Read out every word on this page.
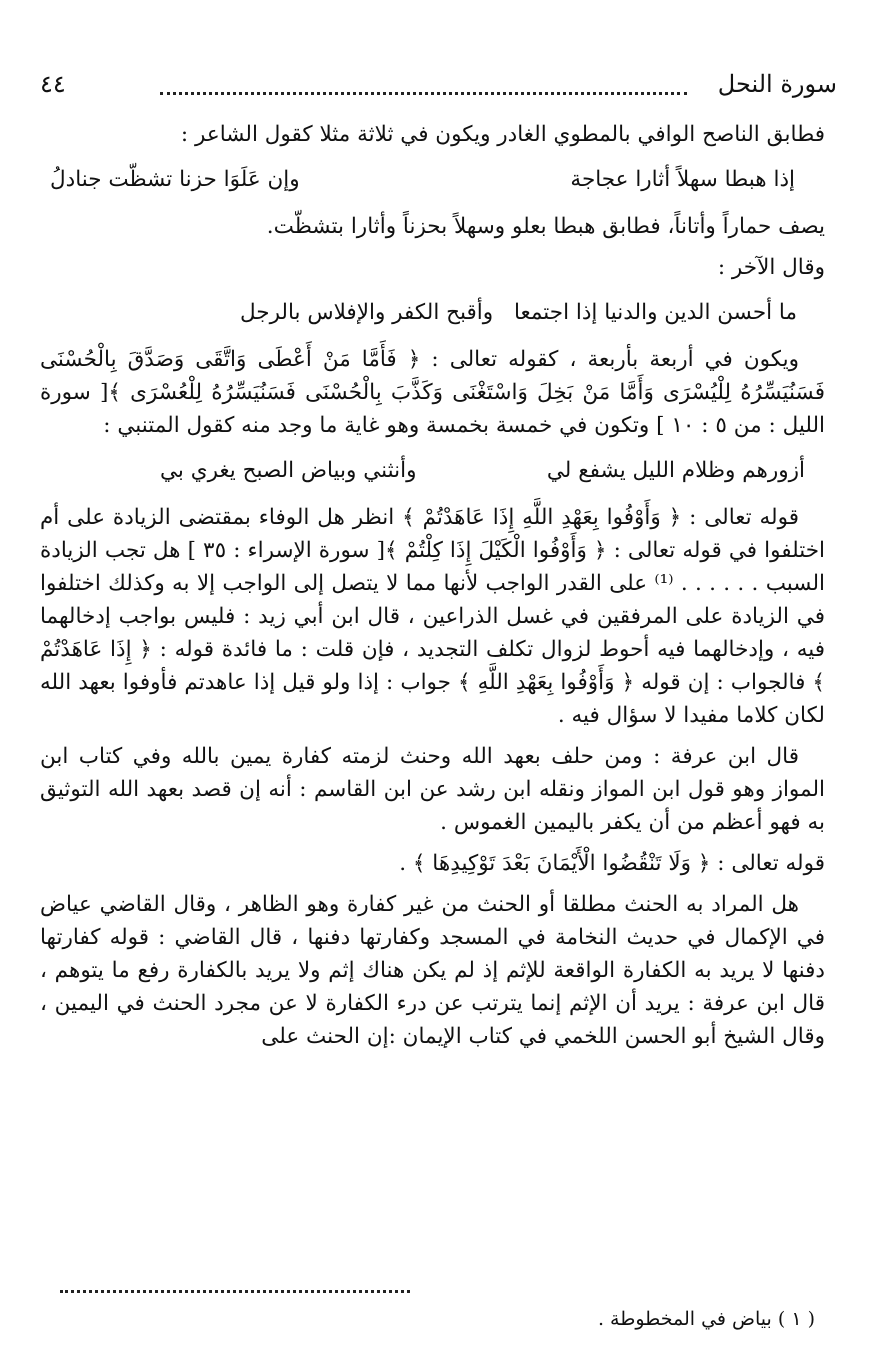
سورة النحل
٤٤

فطابق الناصح الوافي بالمطوي الغادر ويكون في ثلاثة مثلا كقول الشاعر :

إذا هبطا سهلاً أثارا عجاجة
وإن عَلَوَا حزنا تشظّت جنادلُ

يصف حماراً وأتاناً، فطابق هبطا بعلو وسهلاً بحزناً وأثارا بتشظّت.

وقال الآخر :

ما أحسن الدين والدنيا إذا اجتمعا
وأقبح الكفر والإفلاس بالرجل

ويكون في أربعة بأربعة ، كقوله تعالى : ﴿ فَأَمَّا مَنْ أَعْطَى وَاتَّقَى وَصَدَّقَ بِالْحُسْنَى فَسَنُيَسِّرُهُ لِلْيُسْرَى وَأَمَّا مَنْ بَخِلَ وَاسْتَغْنَى وَكَذَّبَ بِالْحُسْنَى فَسَنُيَسِّرُهُ لِلْعُسْرَى ﴾[ سورة الليل : من ٥ : ١٠ ] وتكون في خمسة بخمسة وهو غاية ما وجد منه كقول المتنبي :

أزورهم وظلام الليل يشفع لي
وأنثني وبياض الصبح يغري بي

قوله تعالى : ﴿ وَأَوْفُوا بِعَهْدِ اللَّهِ إِذَا عَاهَدْتُمْ ﴾ انظر هل الوفاء بمقتضى الزيادة على أم اختلفوا في قوله تعالى : ﴿ وَأَوْفُوا الْكَيْلَ إِذَا كِلْتُمْ ﴾[ سورة الإسراء : ٣٥ ] هل تجب الزيادة السبب . . . . . . ⁽¹⁾ على القدر الواجب لأنها مما لا يتصل إلى الواجب إلا به وكذلك اختلفوا في الزيادة على المرفقين في غسل الذراعين ، قال ابن أبي زيد : فليس بواجب إدخالهما فيه ، وإدخالهما فيه أحوط لزوال تكلف التجديد ، فإن قلت : ما فائدة قوله : ﴿ إِذَا عَاهَدْتُمْ ﴾ فالجواب : إن قوله ﴿ وَأَوْفُوا بِعَهْدِ اللَّهِ ﴾ جواب : إذا ولو قيل إذا عاهدتم فأوفوا بعهد الله لكان كلاما مفيدا لا سؤال فيه .

قال ابن عرفة : ومن حلف بعهد الله وحنث لزمته كفارة يمين بالله وفي كتاب ابن المواز وهو قول ابن المواز ونقله ابن رشد عن ابن القاسم : أنه إن قصد بعهد الله التوثيق به فهو أعظم من أن يكفر باليمين الغموس .

قوله تعالى : ﴿ وَلَا تَنْقُضُوا الْأَيْمَانَ بَعْدَ تَوْكِيدِهَا ﴾ .

هل المراد به الحنث مطلقا أو الحنث من غير كفارة وهو الظاهر ، وقال القاضي عياض في الإكمال في حديث النخامة في المسجد وكفارتها دفنها ، قال القاضي : قوله كفارتها دفنها لا يريد به الكفارة الواقعة للإثم إذ لم يكن هناك إثم ولا يريد بالكفارة رفع ما يتوهم ، قال ابن عرفة : يريد أن الإثم إنما يترتب عن درء الكفارة لا عن مجرد الحنث في اليمين ، وقال الشيخ أبو الحسن اللخمي في كتاب الإيمان :إن الحنث على

( ١ ) بياض في المخطوطة .
